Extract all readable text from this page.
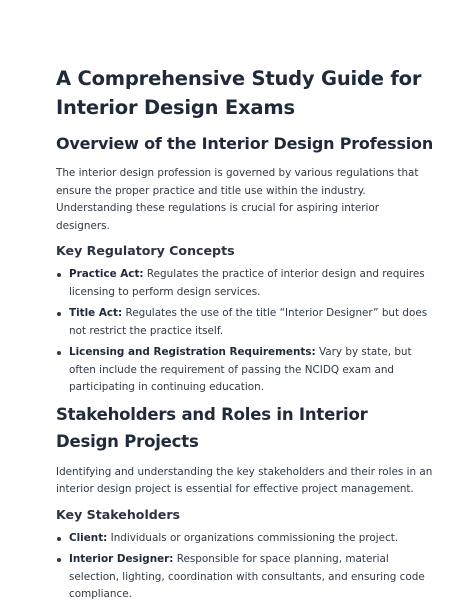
A Comprehensive Study Guide for Interior Design Exams
Overview of the Interior Design Profession

The interior design profession is governed by various regulations that ensure the proper practice and title use within the industry. Understanding these regulations is crucial for aspiring interior designers.

Key Regulatory Concepts
Practice Act: Regulates the practice of interior design and requires licensing to perform design services.
Title Act: Regulates the use of the title “Interior Designer” but does not restrict the practice itself.
Licensing and Registration Requirements: Vary by state, but often include the requirement of passing the NCIDQ exam and participating in continuing education.
Stakeholders and Roles in Interior Design Projects

Identifying and understanding the key stakeholders and their roles in an interior design project is essential for effective project management.

Key Stakeholders
Client: Individuals or organizations commissioning the project.
Interior Designer: Responsible for space planning, material selection, lighting, coordination with consultants, and ensuring code compliance.
